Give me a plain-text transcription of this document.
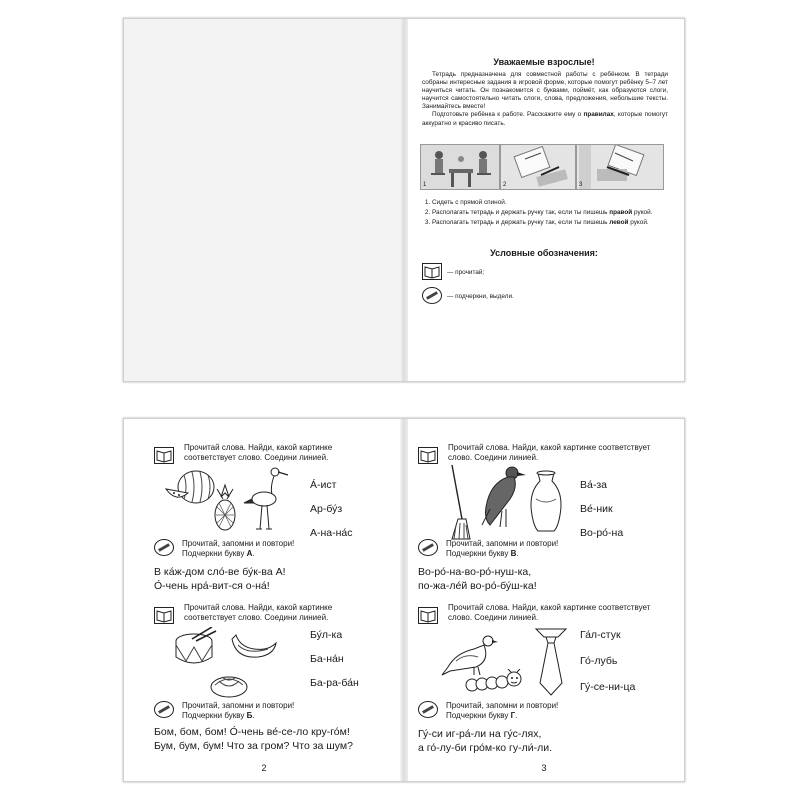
Уважаемые взрослые!

Тетрадь предназначена для совместной работы с ребёнком. В тетради собраны интересные задания в игровой форме, которые помогут ребёнку 5–7 лет научиться читать. Он познакомится с буквами, поймёт, как образуются слоги, научится самостоятельно читать слоги, слова, предложения, небольшие тексты. Занимайтесь вместе!

Подготовьте ребёнка к работе. Расскажите ему о правилах, которые помогут аккуратно и красиво писать.

1	2	3
1. Сидеть с прямой спиной.
2. Располагать тетрадь и держать ручку так, если ты пишешь правой рукой.
3. Располагать тетрадь и держать ручку так, если ты пишешь левой рукой.
Условные обозначения:
— прочитай;
— подчеркни, выдели.
Прочитай слова. Найди, какой картинке соответствует слово. Соедини линией.
А́-ист
Ар-бу́з
А-на-на́с
Прочитай, запомни и повтори!
Подчеркни букву А.
В ка́ж-дом сло́-ве бу́к-ва А!
О́-чень нра́-вит-ся о-на́!
Прочитай слова. Найди, какой картинке соответствует слово. Соедини линией.
Бу́л-ка
Ба-на́н
Ба-ра-ба́н
Прочитай, запомни и повтори!
Подчеркни букву Б.
Бом, бом, бом! О́-чень ве́-се-ло кру-го́м!
Бум, бум, бум! Что за гром? Что за шум?
2
Прочитай слова. Найди, какой картинке соответствует слово. Соедини линией.
Ва́-за
Ве́-ник
Во-ро́-на
Прочитай, запомни и повтори!
Подчеркни букву В.
Во-ро́-на-во-ро́-нуш-ка,
по-жа-ле́й во-ро́-бу́ш-ка!
Прочитай слова. Найди, какой картинке соответствует слово. Соедини линией.
Га́л-стук
Го́-лубь
Гу́-се-ни-ца
Прочитай, запомни и повтори!
Подчеркни букву Г.
Гу́-си иг-ра́-ли на гу́с-лях,
а го́-лу-би гро́м-ко гу-ли́-ли.
3
